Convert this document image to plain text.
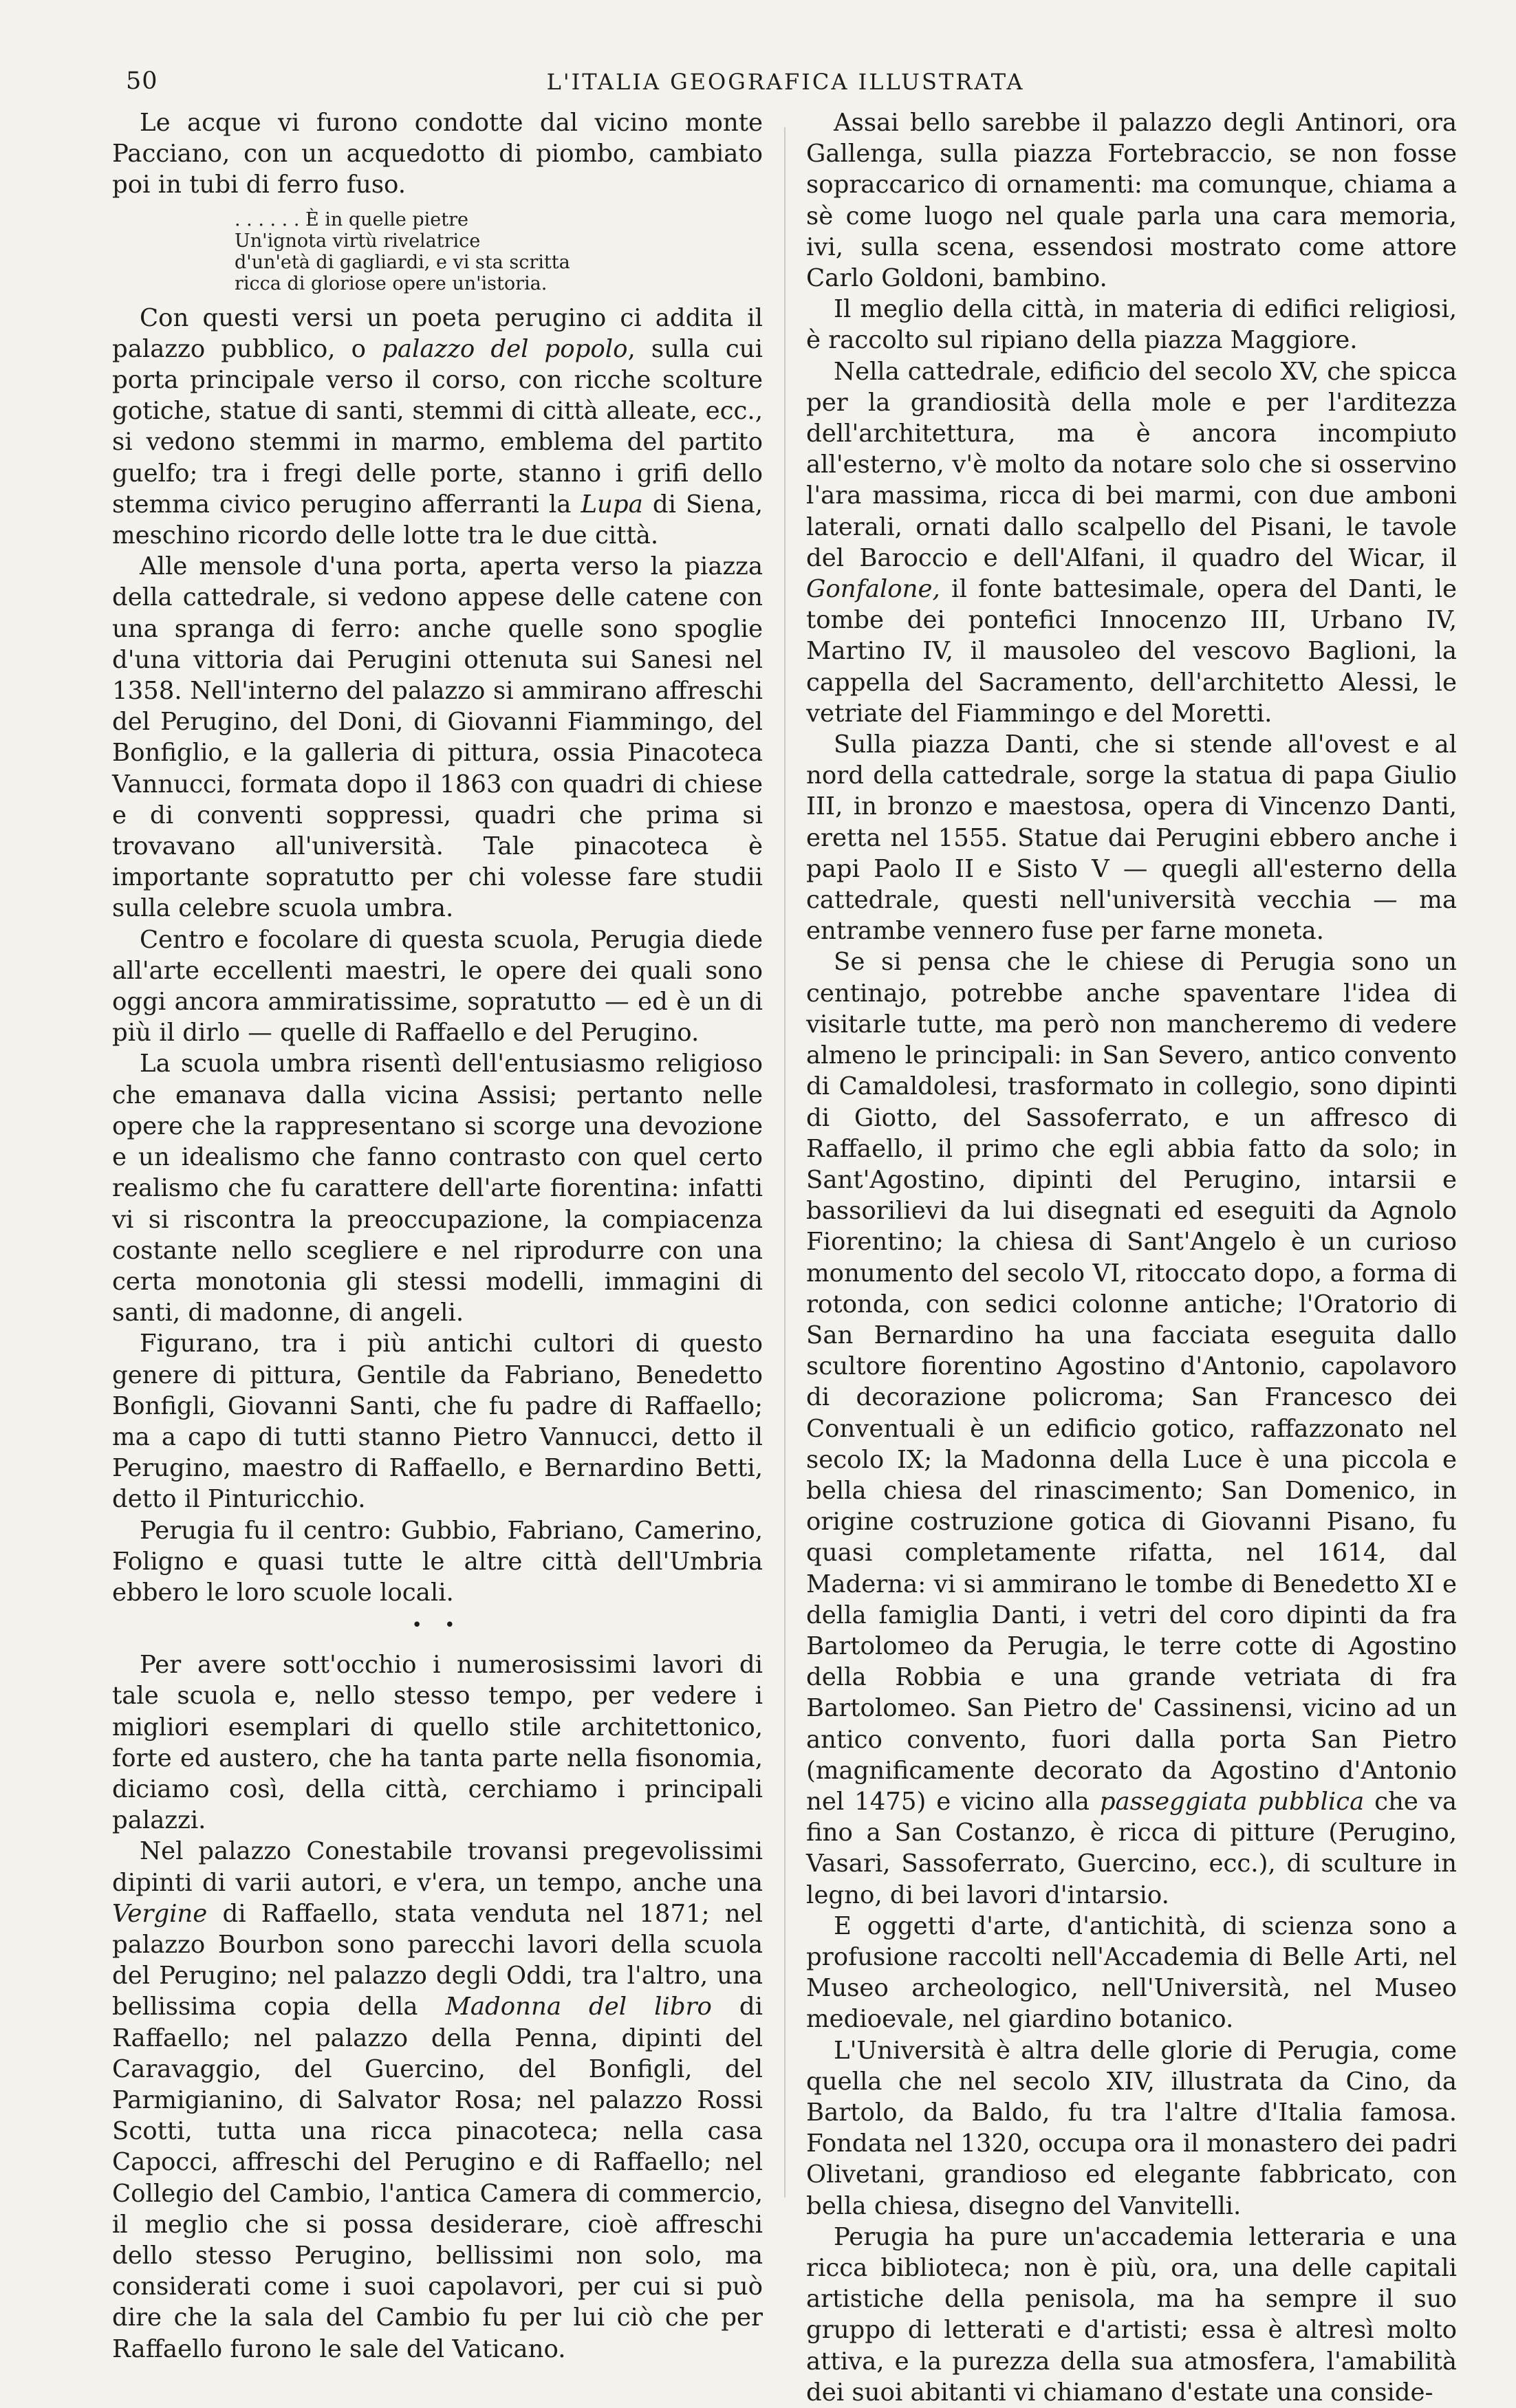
50	L'ITALIA GEOGRAFICA ILLUSTRATA

Le acque vi furono condotte dal vicino monte Pacciano, con un acquedotto di piombo, cambiato poi in tubi di ferro fuso.

. . . . . . È in quelle pietre
Un'ignota virtù rivelatrice
d'un'età di gagliardi, e vi sta scritta
ricca di gloriose opere un'istoria.

Con questi versi un poeta perugino ci addita il palazzo pubblico, o palazzo del popolo, sulla cui porta principale verso il corso, con ricche scolture gotiche, statue di santi, stemmi di città alleate, ecc., si vedono stemmi in marmo, emblema del partito guelfo; tra i fregi delle porte, stanno i grifi dello stemma civico perugino afferranti la Lupa di Siena, meschino ricordo delle lotte tra le due città.

Alle mensole d'una porta, aperta verso la piazza della cattedrale, si vedono appese delle catene con una spranga di ferro: anche quelle sono spoglie d'una vittoria dai Perugini ottenuta sui Sanesi nel 1358. Nell'interno del palazzo si ammirano affreschi del Perugino, del Doni, di Giovanni Fiammingo, del Bonfiglio, e la galleria di pittura, ossia Pinacoteca Vannucci, formata dopo il 1863 con quadri di chiese e di conventi soppressi, quadri che prima si trovavano all'università. Tale pinacoteca è importante sopratutto per chi volesse fare studii sulla celebre scuola umbra.

Centro e focolare di questa scuola, Perugia diede all'arte eccellenti maestri, le opere dei quali sono oggi ancora ammiratissime, sopratutto — ed è un di più il dirlo — quelle di Raffaello e del Perugino.

La scuola umbra risentì dell'entusiasmo religioso che emanava dalla vicina Assisi; pertanto nelle opere che la rappresentano si scorge una devozione e un idealismo che fanno contrasto con quel certo realismo che fu carattere dell'arte fiorentina: infatti vi si riscontra la preoccupazione, la compiacenza costante nello sceglierе e nel riprodurre con una certa monotonia gli stessi modelli, immagini di santi, di madonne, di angeli.

Figurano, tra i più antichi cultori di questo genere di pittura, Gentile da Fabriano, Benedetto Bonfigli, Giovanni Santi, che fu padre di Raffaello; ma a capo di tutti stanno Pietro Vannucci, detto il Perugino, maestro di Raffaello, e Bernardino Betti, detto il Pinturicchio.

Perugia fu il centro: Gubbio, Fabriano, Camerino, Foligno e quasi tutte le altre città dell'Umbria ebbero le loro scuole locali.

• •

Per avere sott'occhio i numerosissimi lavori di tale scuola e, nello stesso tempo, per vedere i migliori esemplari di quello stile architettonico, forte ed austero, che ha tanta parte nella fisonomia, diciamo così, della città, cerchiamo i principali palazzi.

Nel palazzo Conestabile trovansi pregevolissimi dipinti di varii autori, e v'era, un tempo, anche una Vergine di Raffaello, stata venduta nel 1871; nel palazzo Bourbon sono parecchi lavori della scuola del Perugino; nel palazzo degli Oddi, tra l'altro, una bellissima copia della Madonna del libro di Raffaello; nel palazzo della Penna, dipinti del Caravaggio, del Guercino, del Bonfigli, del Parmigianino, di Salvator Rosa; nel palazzo Rossi Scotti, tutta una ricca pinacoteca; nella casa Capocci, affreschi del Perugino e di Raffaello; nel Collegio del Cambio, l'antica Camera di commercio, il meglio che si possa desiderare, cioè affreschi dello stesso Perugino, bellissimi non solo, ma considerati come i suoi capolavori, per cui si può dire che la sala del Cambio fu per lui ciò che per Raffaello furono le sale del Vaticano.

Assai bello sarebbe il palazzo degli Antinori, ora Gallenga, sulla piazza Fortebraccio, se non fosse sopraccarico di ornamenti: ma comunque, chiama a sè come luogo nel quale parla una cara memoria, ivi, sulla scena, essendosi mostrato come attore Carlo Goldoni, bambino.

Il meglio della città, in materia di edifici religiosi, è raccolto sul ripiano della piazza Maggiore.

Nella cattedrale, edificio del secolo XV, che spicca per la grandiosità della mole e per l'arditezza dell'architettura, ma è ancora incompiuto all'esterno, v'è molto da notare solo che si osservino l'ara massima, ricca di bei marmi, con due amboni laterali, ornati dallo scalpello del Pisani, le tavole del Baroccio e dell'Alfani, il quadro del Wicar, il Gonfalone, il fonte battesimale, opera del Danti, le tombe dei pontefici Innocenzo III, Urbano IV, Martino IV, il mausoleo del vescovo Baglioni, la cappella del Sacramento, dell'architetto Alessi, le vetriate del Fiammingo e del Moretti.

Sulla piazza Danti, che si stende all'ovest e al nord della cattedrale, sorge la statua di papa Giulio III, in bronzo e maestosa, opera di Vincenzo Danti, eretta nel 1555. Statue dai Perugini ebbero anche i papi Paolo II e Sisto V — quegli all'esterno della cattedrale, questi nell'università vecchia — ma entrambe vennero fuse per farne moneta.

Se si pensa che le chiese di Perugia sono un centinajo, potrebbe anche spaventare l'idea di visitarle tutte, ma però non mancheremo di vedere almeno le principali: in San Severo, antico convento di Camaldolesi, trasformato in collegio, sono dipinti di Giotto, del Sassoferrato, e un affresco di Raffaello, il primo che egli abbia fatto da solo; in Sant'Agostino, dipinti del Perugino, intarsii e bassorilievi da lui disegnati ed eseguiti da Agnolo Fiorentino; la chiesa di Sant'Angelo è un curioso monumento del secolo VI, ritoccato dopo, a forma di rotonda, con sedici colonne antiche; l'Oratorio di San Bernardino ha una facciata eseguita dallo scultore fiorentino Agostino d'Antonio, capolavoro di decorazione policroma; San Francesco dei Conventuali è un edificio gotico, raffazzonato nel secolo IX; la Madonna della Luce è una piccola e bella chiesa del rinascimento; San Domenico, in origine costruzione gotica di Giovanni Pisano, fu quasi completamente rifatta, nel 1614, dal Maderna: vi si ammirano le tombe di Benedetto XI e della famiglia Danti, i vetri del coro dipinti da fra Bartolomeo da Perugia, le terre cotte di Agostino della Robbia e una grande vetriata di fra Bartolomeo. San Pietro de' Cassinensi, vicino ad un antico convento, fuori dalla porta San Pietro (magnificamente decorato da Agostino d'Antonio nel 1475) e vicino alla passeggiata pubblica che va fino a San Costanzo, è ricca di pitture (Perugino, Vasari, Sassoferrato, Guercino, ecc.), di sculture in legno, di bei lavori d'intarsio.

E oggetti d'arte, d'antichità, di scienza sono a profusione raccolti nell'Accademia di Belle Arti, nel Museo archeologico, nell'Università, nel Museo medioevale, nel giardino botanico.

L'Università è altra delle glorie di Perugia, come quella che nel secolo XIV, illustrata da Cino, da Bartolo, da Baldo, fu tra l'altre d'Italia famosa. Fondata nel 1320, occupa ora il monastero dei padri Olivetani, grandioso ed elegante fabbricato, con bella chiesa, disegno del Vanvitelli.

Perugia ha pure un'accademia letteraria e una ricca biblioteca; non è più, ora, una delle capitali artistiche della penisola, ma ha sempre il suo gruppo di letterati e d'artisti; essa è altresì molto attiva, e la purezza della sua atmosfera, l'amabilità dei suoi abitanti vi chiamano d'estate una conside-
